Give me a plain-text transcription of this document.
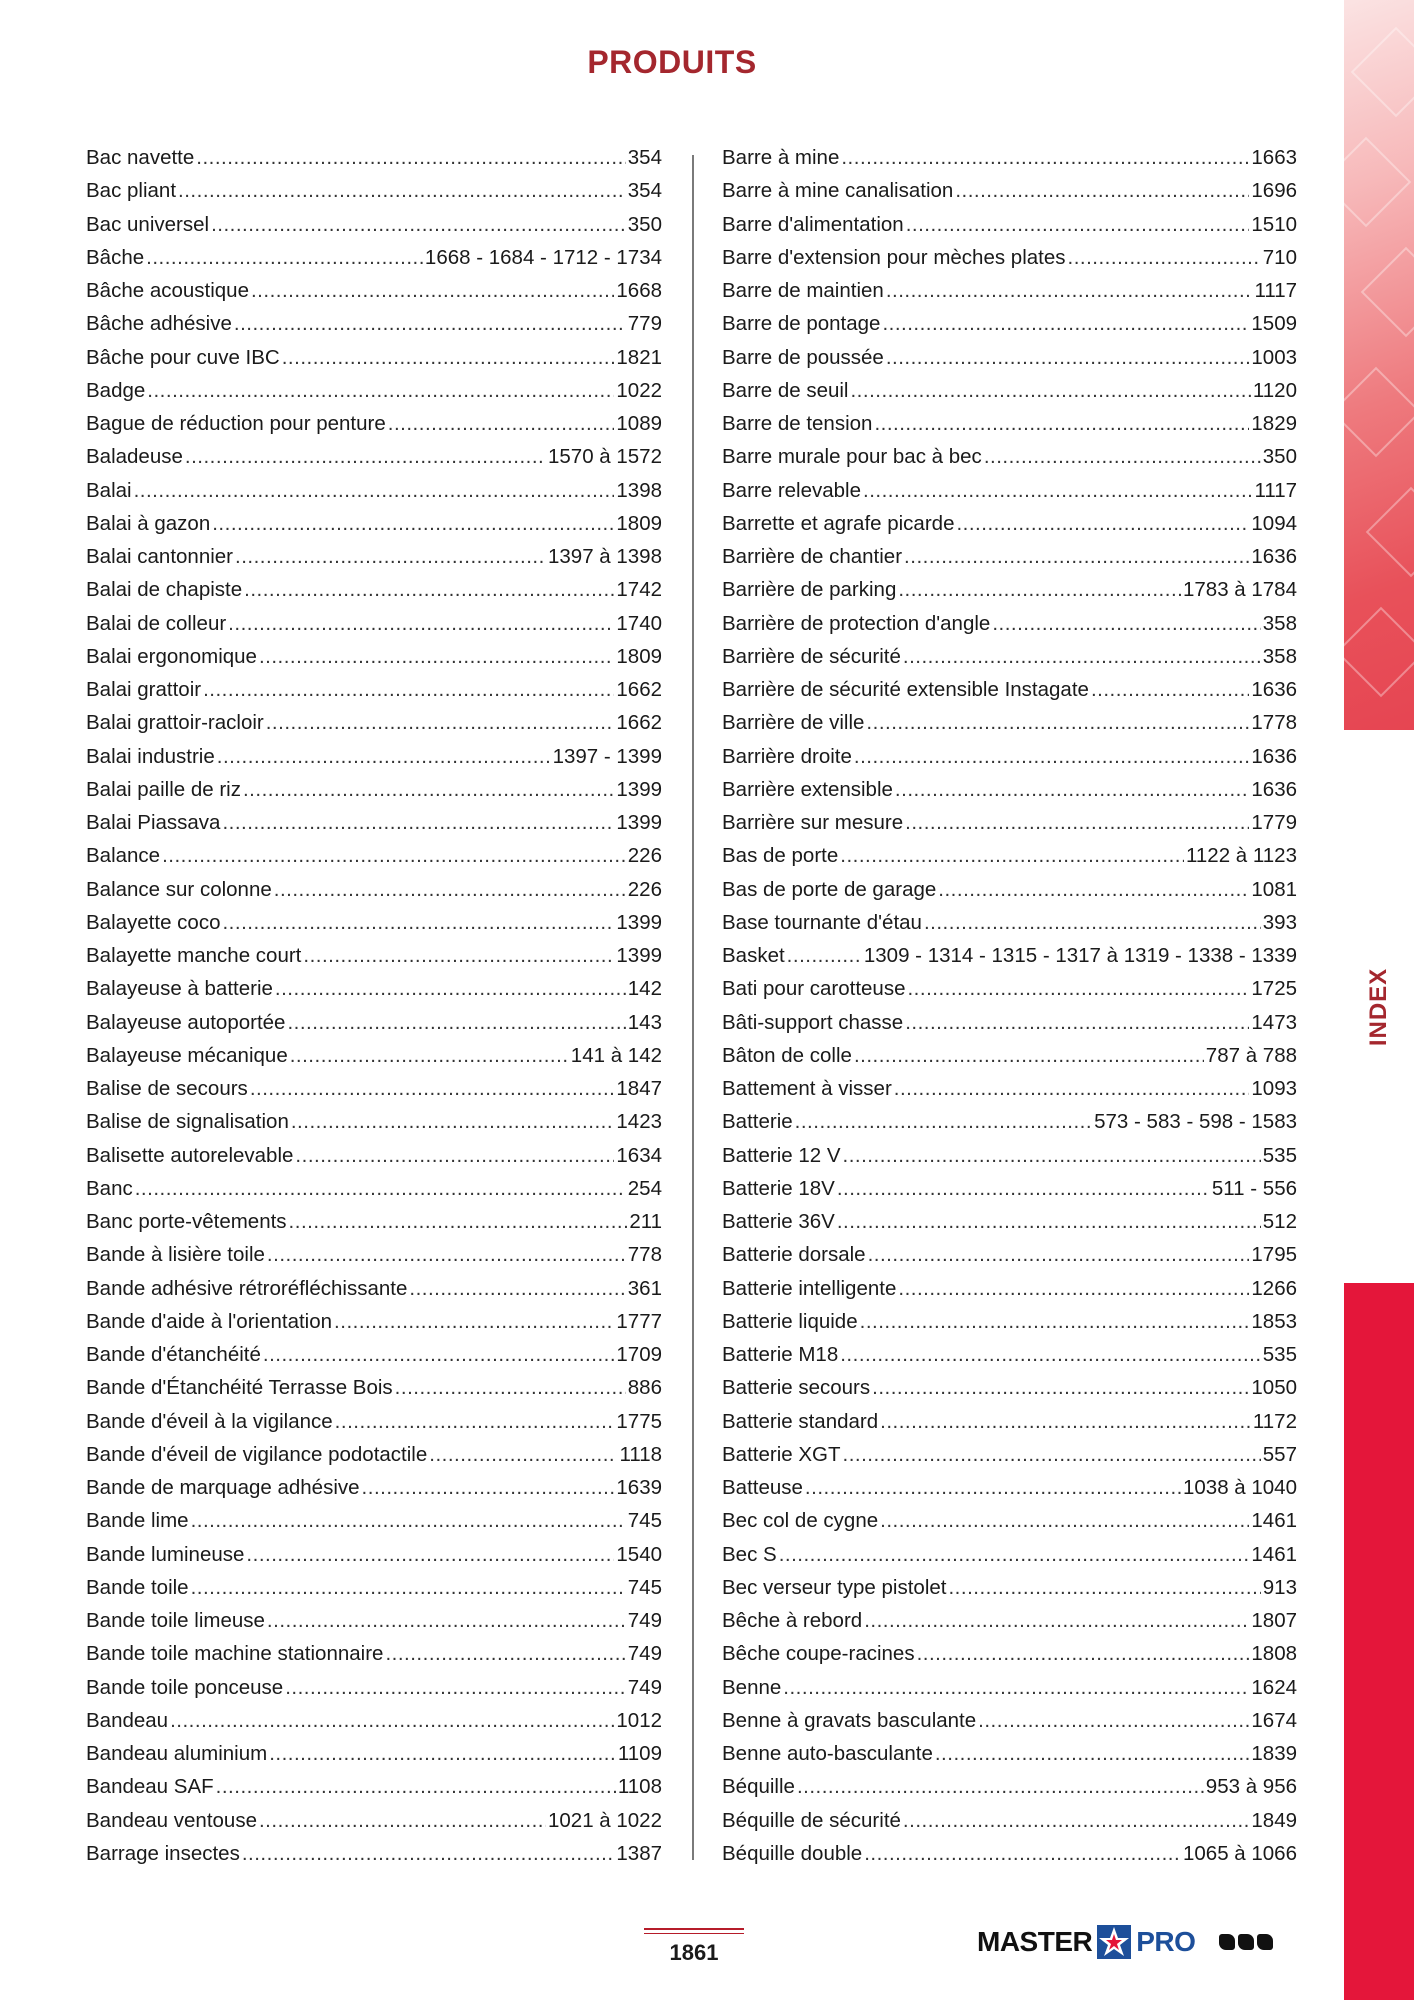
PRODUITS
Bac navette .....	354
Bac pliant .....	354
Bac universel .....	350
Bâche .....	1668 - 1684 - 1712 - 1734
Bâche acoustique .....	1668
Bâche adhésive .....	779
Bâche pour cuve IBC .....	1821
Badge .....	1022
Bague de réduction pour penture .....	1089
Baladeuse .....	1570 à 1572
Balai .....	1398
Balai à gazon .....	1809
Balai cantonnier .....	1397 à 1398
Balai de chapiste .....	1742
Balai de colleur .....	1740
Balai ergonomique .....	1809
Balai grattoir .....	1662
Balai grattoir-racloir .....	1662
Balai industrie .....	1397 - 1399
Balai paille de riz .....	1399
Balai Piassava .....	1399
Balance .....	226
Balance sur colonne .....	226
Balayette coco .....	1399
Balayette manche court .....	1399
Balayeuse à batterie .....	142
Balayeuse autoportée .....	143
Balayeuse mécanique .....	141 à 142
Balise de secours .....	1847
Balise de signalisation .....	1423
Balisette autorelevable .....	1634
Banc .....	254
Banc porte-vêtements .....	211
Bande à lisière toile .....	778
Bande adhésive rétroréfléchissante .....	361
Bande d'aide à l'orientation .....	1777
Bande d'étanchéité .....	1709
Bande d'Étanchéité Terrasse Bois .....	886
Bande d'éveil à la vigilance .....	1775
Bande d'éveil de vigilance podotactile .....	1118
Bande de marquage adhésive .....	1639
Bande lime .....	745
Bande lumineuse .....	1540
Bande toile .....	745
Bande toile limeuse .....	749
Bande toile machine stationnaire .....	749
Bande toile ponceuse .....	749
Bandeau .....	1012
Bandeau aluminium .....	1109
Bandeau SAF .....	1108
Bandeau ventouse .....	1021 à 1022
Barrage insectes .....	1387
Barre à mine .....	1663
Barre à mine canalisation .....	1696
Barre d'alimentation .....	1510
Barre d'extension pour mèches plates .....	710
Barre de maintien .....	1117
Barre de pontage .....	1509
Barre de poussée .....	1003
Barre de seuil .....	1120
Barre de tension .....	1829
Barre murale pour bac à bec .....	350
Barre relevable .....	1117
Barrette et agrafe picarde .....	1094
Barrière de chantier .....	1636
Barrière de parking .....	1783 à 1784
Barrière de protection d'angle .....	358
Barrière de sécurité .....	358
Barrière de sécurité extensible Instagate .....	1636
Barrière de ville .....	1778
Barrière droite .....	1636
Barrière extensible .....	1636
Barrière sur mesure .....	1779
Bas de porte .....	1122 à 1123
Bas de porte de garage .....	1081
Base tournante d'étau .....	393
Basket .....	1309 - 1314 - 1315 - 1317 à 1319 - 1338 - 1339
Bati pour carotteuse .....	1725
Bâti-support chasse .....	1473
Bâton de colle .....	787 à 788
Battement à visser .....	1093
Batterie .....	573 - 583 - 598 - 1583
Batterie 12 V .....	535
Batterie 18V .....	511 - 556
Batterie 36V .....	512
Batterie dorsale .....	1795
Batterie intelligente .....	1266
Batterie liquide .....	1853
Batterie M18 .....	535
Batterie secours .....	1050
Batterie standard .....	1172
Batterie XGT .....	557
Batteuse .....	1038 à 1040
Bec col de cygne .....	1461
Bec S .....	1461
Bec verseur type pistolet .....	913
Bêche à rebord .....	1807
Bêche coupe-racines .....	1808
Benne .....	1624
Benne à gravats basculante .....	1674
Benne auto-basculante .....	1839
Béquille .....	953 à 956
Béquille de sécurité .....	1849
Béquille double .....	1065 à 1066
INDEX
1861	MASTER PRO
